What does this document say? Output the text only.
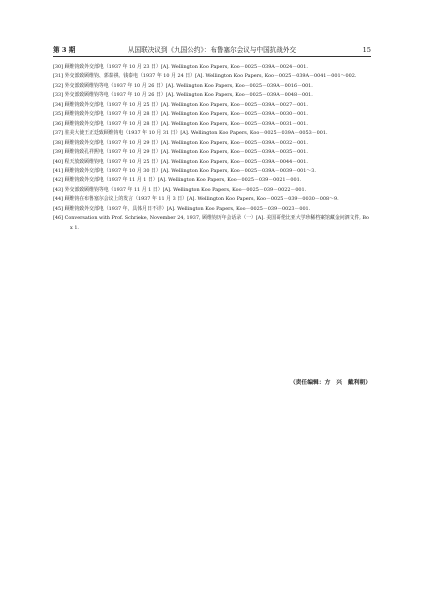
第 3 期	从国联决议到《九国公约》：布鲁塞尔会议与中国抗战外交	15
[30] 顾维钧致外交部电（1937 年 10 月 23 日）[A]. Wellington Koo Papers, Koo－0025－039A－0024－001.
[31] 外交部致顾维钧、郭泰祺、钱泰电（1937 年 10 月 24 日）[A]. Wellington Koo Papers, Koo－0025－039A－0041－001～002.
[32] 外交部致顾维钧等电（1937 年 10 月 26 日）[A]. Wellington Koo Papers, Koo－0025－039A－0016－001.
[33] 外交部致顾维钧等电（1937 年 10 月 26 日）[A]. Wellington Koo Papers, Koo－0025－039A－0048－001.
[34] 顾维钧致外交部电（1937 年 10 月 25 日）[A]. Wellington Koo Papers, Koo－0025－039A－0027－001.
[35] 顾维钧致外交部电（1937 年 10 月 28 日）[A]. Wellington Koo Papers, Koo－0025－039A－0030－001.
[36] 顾维钧致外交部电（1937 年 10 月 28 日）[A]. Wellington Koo Papers, Koo－0025－039A－0031－001.
[37] 驻美大使王正廷致顾维钧电（1937 年 10 月 31 日）[A]. Wellington Koo Papers, Koo－0025－039A－0053－001.
[38] 顾维钧致外交部电（1937 年 10 月 29 日）[A]. Wellington Koo Papers, Koo－0025－039A－0032－001.
[39] 顾维钧致孔祥熙电（1937 年 10 月 29 日）[A]. Wellington Koo Papers, Koo－0025－039A－0035－001.
[40] 程天放致顾维钧电（1937 年 10 月 25 日）[A]. Wellington Koo Papers, Koo－0025－039A－0044－001.
[41] 顾维钧致外交部电（1937 年 10 月 30 日）[A]. Wellington Koo Papers, Koo－0025－039A－0039－001～3.
[42] 顾维钧致外交部电（1937 年 11 月 1 日）[A]. Wellington Koo Papers, Koo－0025－039－0021－001.
[43] 外交部致顾维钧等电（1937 年 11 月 1 日）[A]. Wellington Koo Papers, Koo－0025－039－0022－001.
[44] 顾维钧在布鲁塞尔会议上的发言（1937 年 11 月 3 日）[A]. Wellington Koo Papers, Koo－0025－039－0030－008～9.
[45] 顾维钧致外交部电（1937 年，具体月日不详）[A]. Wellington Koo Papers, Koo－0025－039－0023－001.
[46] Conversation with Prof. Schrieke, November 24, 1937, 顾维钧历年会话录（一）[A]. 美国哥伦比亚大学珍稀档案馆藏金问泗文件, Box 1.
（责任编辑：方　兴　戴利朝）
